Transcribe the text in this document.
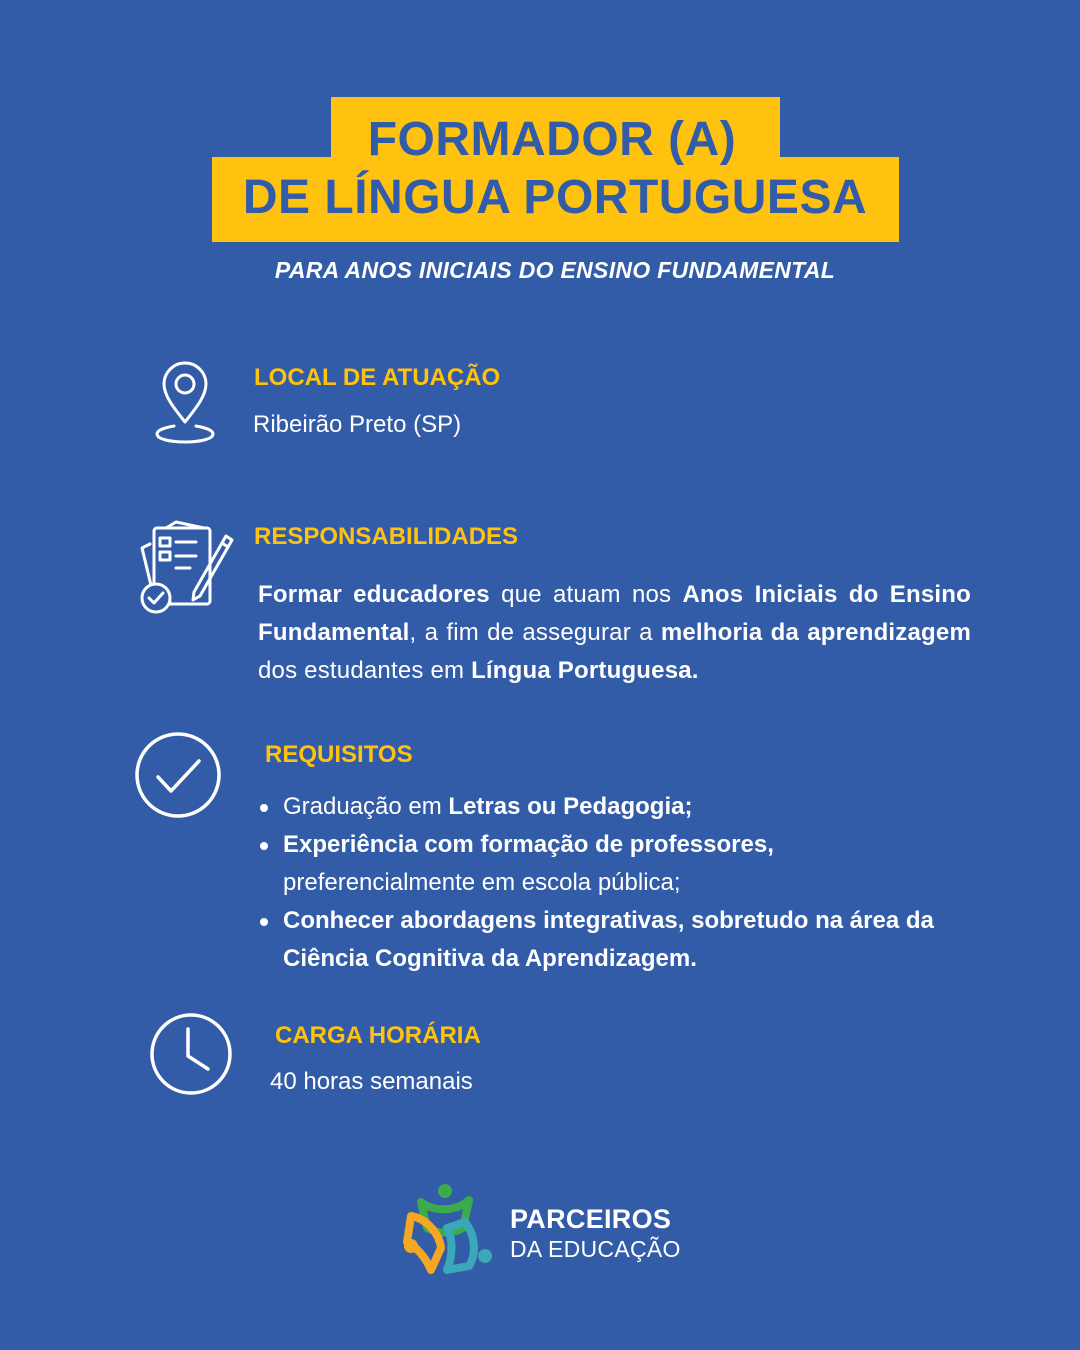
FORMADOR (A)
DE LÍNGUA PORTUGUESA
PARA ANOS INICIAIS DO ENSINO FUNDAMENTAL
LOCAL DE ATUAÇÃO
Ribeirão Preto (SP)
RESPONSABILIDADES
Formar educadores que atuam nos Anos Iniciais do Ensino Fundamental, a fim de assegurar a melhoria da aprendizagem dos estudantes em Língua Portuguesa.
REQUISITOS
Graduação em Letras ou Pedagogia;
Experiência com formação de professores,
preferencialmente em escola pública;
Conhecer abordagens integrativas, sobretudo na área da Ciência Cognitiva da Aprendizagem.
CARGA HORÁRIA
40 horas semanais
PARCEIROS
DA EDUCAÇÃO
